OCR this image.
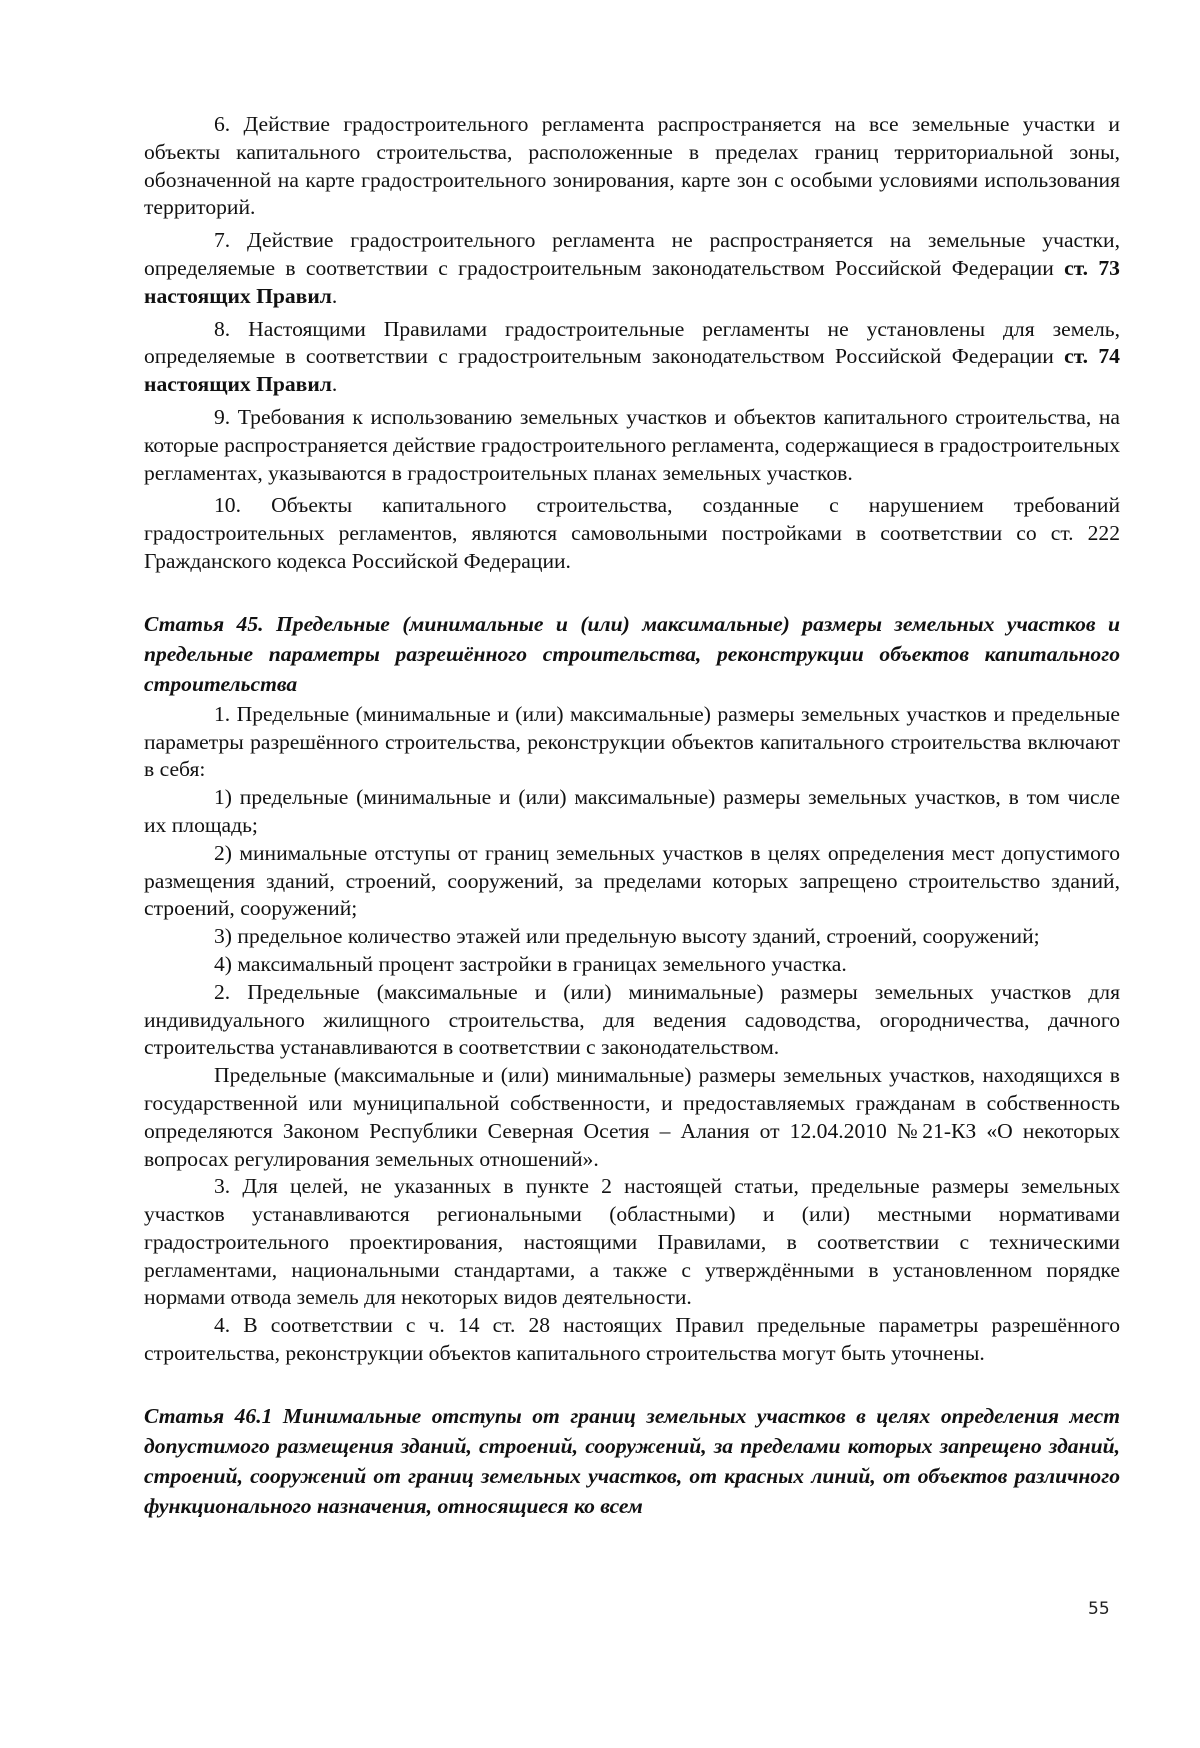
6. Действие градостроительного регламента распространяется на все земельные участки и объекты капитального строительства, расположенные в пределах границ территориальной зоны, обозначенной на карте градостроительного зонирования, карте зон с особыми условиями использования территорий.

7. Действие градостроительного регламента не распространяется на земельные участки, определяемые в соответствии с градостроительным законодательством Российской Федерации ст. 73 настоящих Правил.

8. Настоящими Правилами градостроительные регламенты не установлены для земель, определяемые в соответствии с градостроительным законодательством Российской Федерации ст. 74 настоящих Правил.

9. Требования к использованию земельных участков и объектов капитального строительства, на которые распространяется действие градостроительного регламента, содержащиеся в градостроительных регламентах, указываются в градостроительных планах земельных участков.

10. Объекты капитального строительства, созданные с нарушением требований градостроительных регламентов, являются самовольными постройками в соответствии со ст. 222 Гражданского кодекса Российской Федерации.

Статья 45. Предельные (минимальные и (или) максимальные) размеры земельных участков и предельные параметры разрешённого строительства, реконструкции объектов капитального строительства

1. Предельные (минимальные и (или) максимальные) размеры земельных участков и предельные параметры разрешённого строительства, реконструкции объектов капитального строительства включают в себя:

1) предельные (минимальные и (или) максимальные) размеры земельных участков, в том числе их площадь;

2) минимальные отступы от границ земельных участков в целях определения мест допустимого размещения зданий, строений, сооружений, за пределами которых запрещено строительство зданий, строений, сооружений;

3) предельное количество этажей или предельную высоту зданий, строений, сооружений;

4) максимальный процент застройки в границах земельного участка.

2. Предельные (максимальные и (или) минимальные) размеры земельных участков для индивидуального жилищного строительства, для ведения садоводства, огородничества, дачного строительства устанавливаются в соответствии с законодательством.

Предельные (максимальные и (или) минимальные) размеры земельных участков, находящихся в государственной или муниципальной собственности, и предоставляемых гражданам в собственность определяются Законом Республики Северная Осетия – Алания от 12.04.2010 №21-КЗ «О некоторых вопросах регулирования земельных отношений».

3. Для целей, не указанных в пункте 2 настоящей статьи, предельные размеры земельных участков устанавливаются региональными (областными) и (или) местными нормативами градостроительного проектирования, настоящими Правилами, в соответствии с техническими регламентами, национальными стандартами, а также с утверждёнными в установленном порядке нормами отвода земель для некоторых видов деятельности.

4. В соответствии с ч. 14 ст. 28 настоящих Правил предельные параметры разрешённого строительства, реконструкции объектов капитального строительства могут быть уточнены.

Статья 46.1 Минимальные отступы от границ земельных участков в целях определения мест допустимого размещения зданий, строений, сооружений, за пределами которых запрещено зданий, строений, сооружений от границ земельных участков, от красных линий, от объектов различного функционального назначения, относящиеся ко всем

55
